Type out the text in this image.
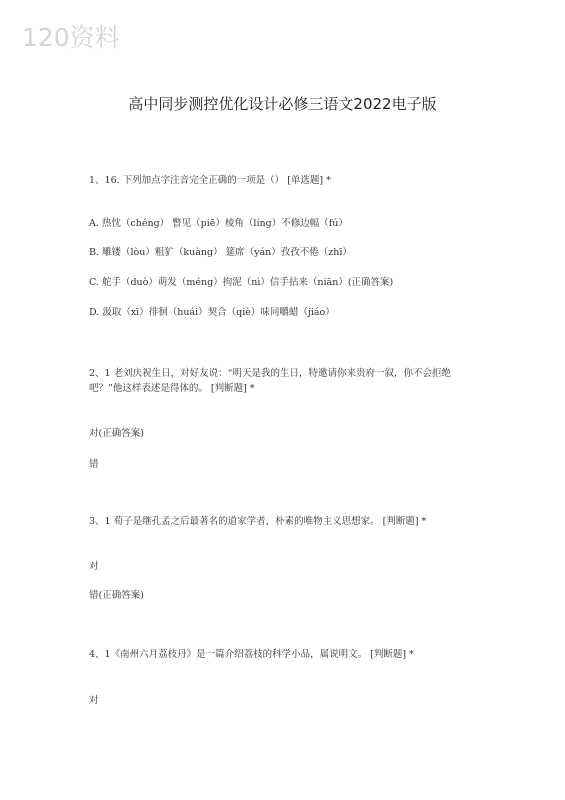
120资料
高中同步测控优化设计必修三语文2022电子版
1、16. 下列加点字注音完全正确的一项是（） [单选题] *
A. 热忱（chéng） 瞥见（piē）棱角（líng）不修边幅（fú）
B. 雕镂（lòu）粗犷（kuàng） 筵席（yán）孜孜不倦（zhī）
C. 舵手（duò）萌发（méng）拘泥（nì）信手拈来（niān）(正确答案)
D. 汲取（xī）徘徊（huái）契合（qiè）味同嚼蜡（jiáo）
2、1 老刘庆祝生日，对好友说：“明天是我的生日，特邀请你来贵府一叙，你不会拒绝吧？”他这样表述是得体的。 [判断题] *
对(正确答案)
错
3、1 荀子是继孔孟之后最著名的道家学者，朴素的唯物主义思想家。 [判断题] *
对
错(正确答案)
4、1《南州六月荔枝丹》是一篇介绍荔枝的科学小品，属说明文。 [判断题] *
对
